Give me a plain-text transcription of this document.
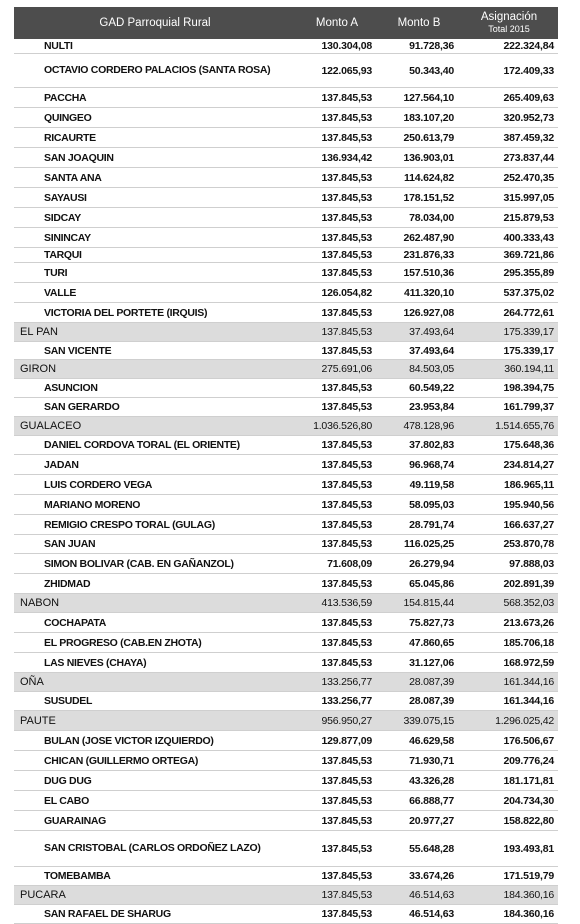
GAD Parroquial Rural	Monto A	Monto B	Asignación
Total 2015
NULTI	130.304,08	91.728,36	222.324,84
OCTAVIO CORDERO PALACIOS (SANTA ROSA)	122.065,93	50.343,40	172.409,33
PACCHA	137.845,53	127.564,10	265.409,63
QUINGEO	137.845,53	183.107,20	320.952,73
RICAURTE	137.845,53	250.613,79	387.459,32
SAN JOAQUIN	136.934,42	136.903,01	273.837,44
SANTA ANA	137.845,53	114.624,82	252.470,35
SAYAUSI	137.845,53	178.151,52	315.997,05
SIDCAY	137.845,53	78.034,00	215.879,53
SININCAY	137.845,53	262.487,90	400.333,43
TARQUI	137.845,53	231.876,33	369.721,86
TURI	137.845,53	157.510,36	295.355,89
VALLE	126.054,82	411.320,10	537.375,02
VICTORIA DEL PORTETE (IRQUIS)	137.845,53	126.927,08	264.772,61
EL PAN	137.845,53	37.493,64	175.339,17
SAN VICENTE	137.845,53	37.493,64	175.339,17
GIRON	275.691,06	84.503,05	360.194,11
ASUNCION	137.845,53	60.549,22	198.394,75
SAN GERARDO	137.845,53	23.953,84	161.799,37
GUALACEO	1.036.526,80	478.128,96	1.514.655,76
DANIEL CORDOVA TORAL (EL ORIENTE)	137.845,53	37.802,83	175.648,36
JADAN	137.845,53	96.968,74	234.814,27
LUIS CORDERO VEGA	137.845,53	49.119,58	186.965,11
MARIANO MORENO	137.845,53	58.095,03	195.940,56
REMIGIO CRESPO TORAL (GULAG)	137.845,53	28.791,74	166.637,27
SAN JUAN	137.845,53	116.025,25	253.870,78
SIMON BOLIVAR (CAB. EN GAÑANZOL)	71.608,09	26.279,94	97.888,03
ZHIDMAD	137.845,53	65.045,86	202.891,39
NABON	413.536,59	154.815,44	568.352,03
COCHAPATA	137.845,53	75.827,73	213.673,26
EL PROGRESO (CAB.EN ZHOTA)	137.845,53	47.860,65	185.706,18
LAS NIEVES (CHAYA)	137.845,53	31.127,06	168.972,59
OÑA	133.256,77	28.087,39	161.344,16
SUSUDEL	133.256,77	28.087,39	161.344,16
PAUTE	956.950,27	339.075,15	1.296.025,42
BULAN (JOSE VICTOR IZQUIERDO)	129.877,09	46.629,58	176.506,67
CHICAN (GUILLERMO ORTEGA)	137.845,53	71.930,71	209.776,24
DUG DUG	137.845,53	43.326,28	181.171,81
EL CABO	137.845,53	66.888,77	204.734,30
GUARAINAG	137.845,53	20.977,27	158.822,80
SAN CRISTOBAL (CARLOS ORDOÑEZ LAZO)	137.845,53	55.648,28	193.493,81
TOMEBAMBA	137.845,53	33.674,26	171.519,79
PUCARA	137.845,53	46.514,63	184.360,16
SAN RAFAEL DE SHARUG	137.845,53	46.514,63	184.360,16
